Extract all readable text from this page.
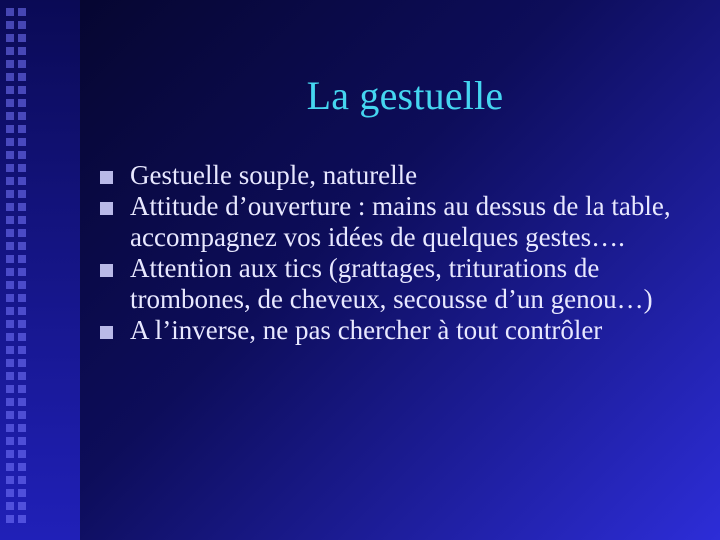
La gestuelle
Gestuelle souple, naturelle
Attitude d’ouverture : mains au dessus de la table, accompagnez vos idées de quelques gestes….
Attention aux tics (grattages, triturations de trombones, de cheveux, secousse d’un genou…)
A l’inverse, ne pas chercher à tout contrôler
